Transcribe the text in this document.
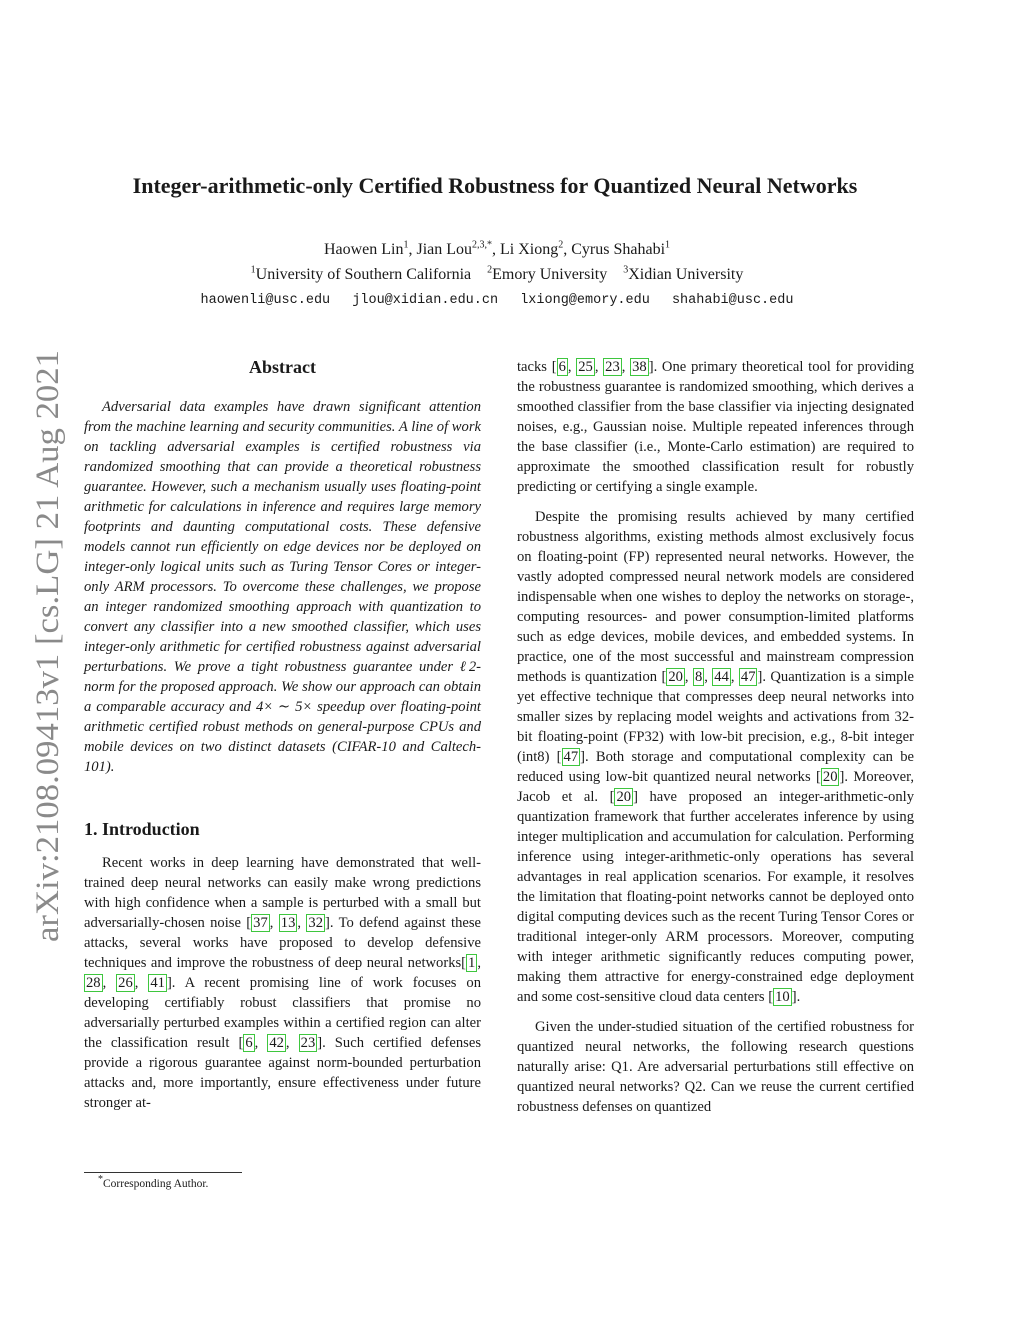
arXiv:2108.09413v1 [cs.LG] 21 Aug 2021
Integer-arithmetic-only Certified Robustness for Quantized Neural Networks
Haowen Lin$^1$, Jian Lou$^{2,3,*}$, Li Xiong$^2$, Cyrus Shahabi$^1$
$^1$University of Southern California $^2$Emory University $^3$Xidian University
haowenli@usc.edu jlou@xidian.edu.cn lxiong@emory.edu shahabi@usc.edu
Abstract

Adversarial data examples have drawn significant attention from the machine learning and security communities. A line of work on tackling adversarial examples is certified robustness via randomized smoothing that can provide a theoretical robustness guarantee. However, such a mechanism usually uses floating-point arithmetic for calculations in inference and requires large memory footprints and daunting computational costs. These defensive models cannot run efficiently on edge devices nor be deployed on integer-only logical units such as Turing Tensor Cores or integer-only ARM processors. To overcome these challenges, we propose an integer randomized smoothing approach with quantization to convert any classifier into a new smoothed classifier, which uses integer-only arithmetic for certified robustness against adversarial perturbations. We prove a tight robustness guarantee under ℓ2-norm for the proposed approach. We show our approach can obtain a comparable accuracy and 4× ∼ 5× speedup over floating-point arithmetic certified robust methods on general-purpose CPUs and mobile devices on two distinct datasets (CIFAR-10 and Caltech-101).

1. Introduction

Recent works in deep learning have demonstrated that well-trained deep neural networks can easily make wrong predictions with high confidence when a sample is perturbed with a small but adversarially-chosen noise [ 37 , 13 , 32 ]. To defend against these attacks, several works have proposed to develop defensive techniques and improve the robustness of deep neural networks[ 1 , 28 , 26 , 41 ]. A recent promising line of work focuses on developing certifiably robust classifiers that promise no adversarially perturbed examples within a certified region can alter the classification result [ 6 , 42 , 23 ]. Such certified defenses provide a rigorous guarantee against norm-bounded perturbation attacks and, more importantly, ensure effectiveness under future stronger at-

*Corresponding Author.

tacks [ 6 , 25 , 23 , 38 ]. One primary theoretical tool for providing the robustness guarantee is randomized smoothing, which derives a smoothed classifier from the base classifier via injecting designated noises, e.g., Gaussian noise. Multiple repeated inferences through the base classifier (i.e., Monte-Carlo estimation) are required to approximate the smoothed classification result for robustly predicting or certifying a single example.

Despite the promising results achieved by many certified robustness algorithms, existing methods almost exclusively focus on floating-point (FP) represented neural networks. However, the vastly adopted compressed neural network models are considered indispensable when one wishes to deploy the networks on storage-, computing resources- and power consumption-limited platforms such as edge devices, mobile devices, and embedded systems. In practice, one of the most successful and mainstream compression methods is quantization [ 20 , 8 , 44 , 47 ]. Quantization is a simple yet effective technique that compresses deep neural networks into smaller sizes by replacing model weights and activations from 32-bit floating-point (FP32) with low-bit precision, e.g., 8-bit integer (int8) [ 47 ]. Both storage and computational complexity can be reduced using low-bit quantized neural networks [ 20 ]. Moreover, Jacob et al. [ 20 ] have proposed an integer-arithmetic-only quantization framework that further accelerates inference by using integer multiplication and accumulation for calculation. Performing inference using integer-arithmetic-only operations has several advantages in real application scenarios. For example, it resolves the limitation that floating-point networks cannot be deployed onto digital computing devices such as the recent Turing Tensor Cores or traditional integer-only ARM processors. Moreover, computing with integer arithmetic significantly reduces computing power, making them attractive for energy-constrained edge deployment and some cost-sensitive cloud data centers [ 10 ].

Given the under-studied situation of the certified robustness for quantized neural networks, the following research questions naturally arise: Q1. Are adversarial perturbations still effective on quantized neural networks? Q2. Can we reuse the current certified robustness defenses on quantized
